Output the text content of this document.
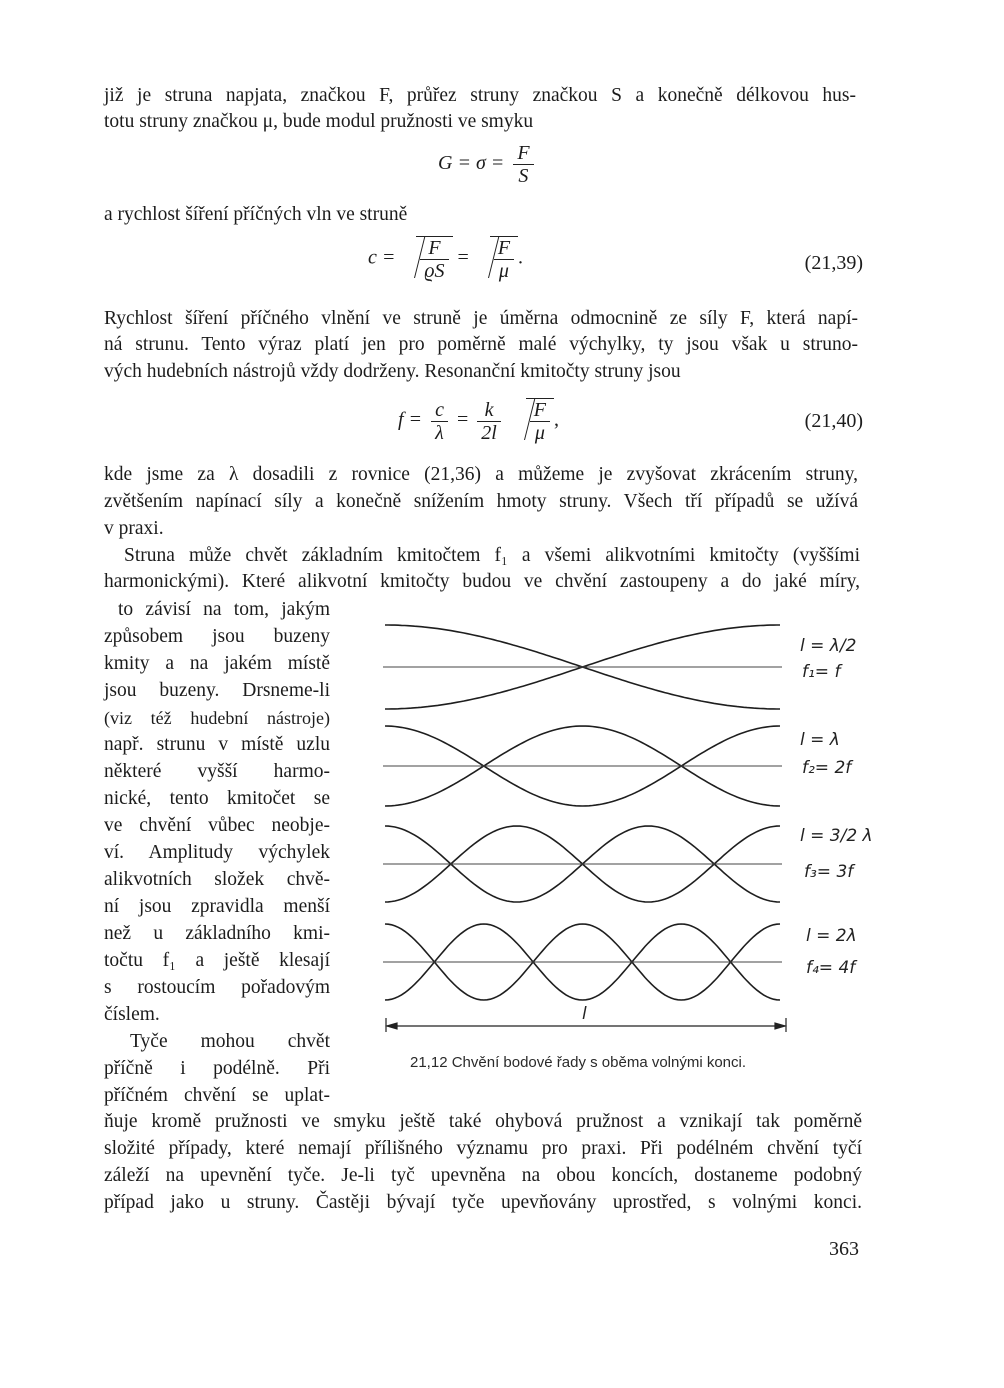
již je struna napjata, značkou F, průřez struny značkou S a konečně délkovou hus-
totu struny značkou μ, bude modul pružnosti ve smyku
$G = \sigma = \frac{F}{S}$
a rychlost šíření příčných vln ve struně
$c = \frac{F}{ϱS} = \frac{F}{\mu}$ .	(21,39)
Rychlost šíření příčného vlnění ve struně je úměrna odmocnině ze síly F, která napí-
ná strunu. Tento výraz platí jen pro poměrně malé výchylky, ty jsou však u struno-
vých hudebních nástrojů vždy dodrženy. Resonanční kmitočty struny jsou
$f = \frac{c}{\lambda} = \frac{k}{2l}$
$\frac{F}{\mu}$ ,	(21,40)
kde jsme za λ dosadili z rovnice (21,36) a můžeme je zvyšovat zkrácením struny,
zvětšením napínací síly a konečně snížením hmoty struny. Všech tří případů se užívá
v praxi.
Struna může chvět základním kmitočtem f₁ a všemi alikvotními kmitočty (vyššími
harmonickými). Které alikvotní kmitočty budou ve chvění zastoupeny a do jaké míry,
to závisí na tom, jakým
způsobem jsou buzeny
kmity a na jakém místě
jsou buzeny. Drsneme-li
(viz též hudební nástroje)
např. strunu v místě uzlu
některé vyšší harmo-
nické, tento kmitočet se
ve chvění vůbec neobje-
ví. Amplitudy výchylek
alikvotních složek chvě-
ní jsou zpravidla menší
než u základního kmi-
točtu f₁ a ještě klesají
s rostoucím pořadovým
číslem.
Tyče mohou chvět
příčně i podélně. Při
příčném chvění se uplat-
l
l = λ/2
f₁= f
l = λ
f₂= 2f
l = 3/2 λ
f₃= 3f
l = 2λ
f₄= 4f
21,12 Chvění bodové řady s oběma volnými konci.
ňuje kromě pružnosti ve smyku ještě také ohybová pružnost a vznikají tak poměrně
složité případy, které nemají přílišného významu pro praxi. Při podélném chvění tyčí
záleží na upevnění tyče. Je-li tyč upevněna na obou koncích, dostaneme podobný
případ jako u struny. Častěji bývají tyče upevňovány uprostřed, s volnými konci.
363
